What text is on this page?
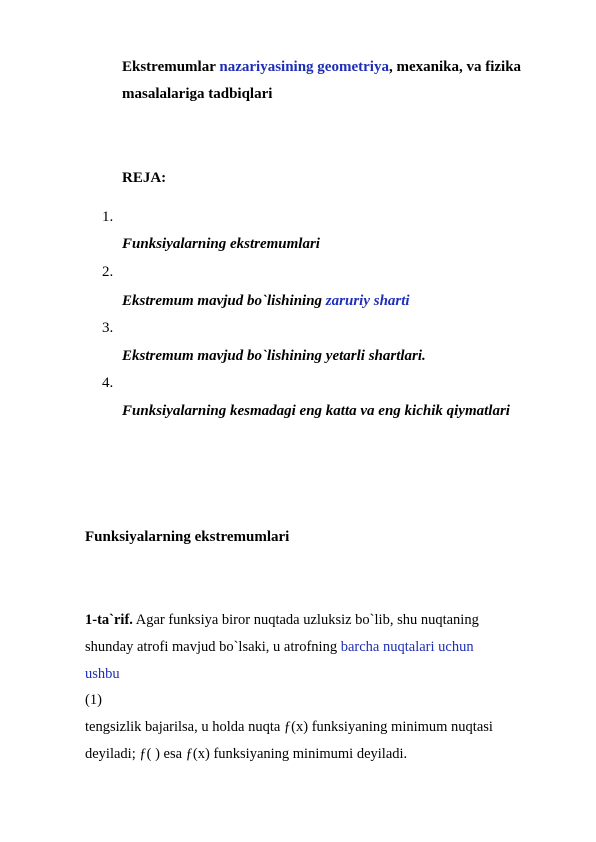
Ekstremumlar nazariyasining geometriya, mexanika, va fizika
masalalariga tadbiqlari
REJA:
1.
Funksiyalarning ekstremumlari
2.
Ekstremum mavjud bo`lishining zaruriy sharti
3.
Ekstremum mavjud bo`lishining yetarli shartlari.
4.
Funksiyalarning kesmadagi eng katta va eng kichik qiymatlari
Funksiyalarning ekstremumlari
1-ta`rif. Agar funksiya biror nuqtada uzluksiz bo`lib, shu nuqtaning
shunday atrofi mavjud bo`lsaki, u atrofning barcha nuqtalari uchun
ushbu
(1)
tengsizlik bajarilsa, u holda nuqta ƒ(x) funksiyaning minimum nuqtasi
deyiladi; ƒ( ) esa ƒ(x) funksiyaning minimumi deyiladi.
